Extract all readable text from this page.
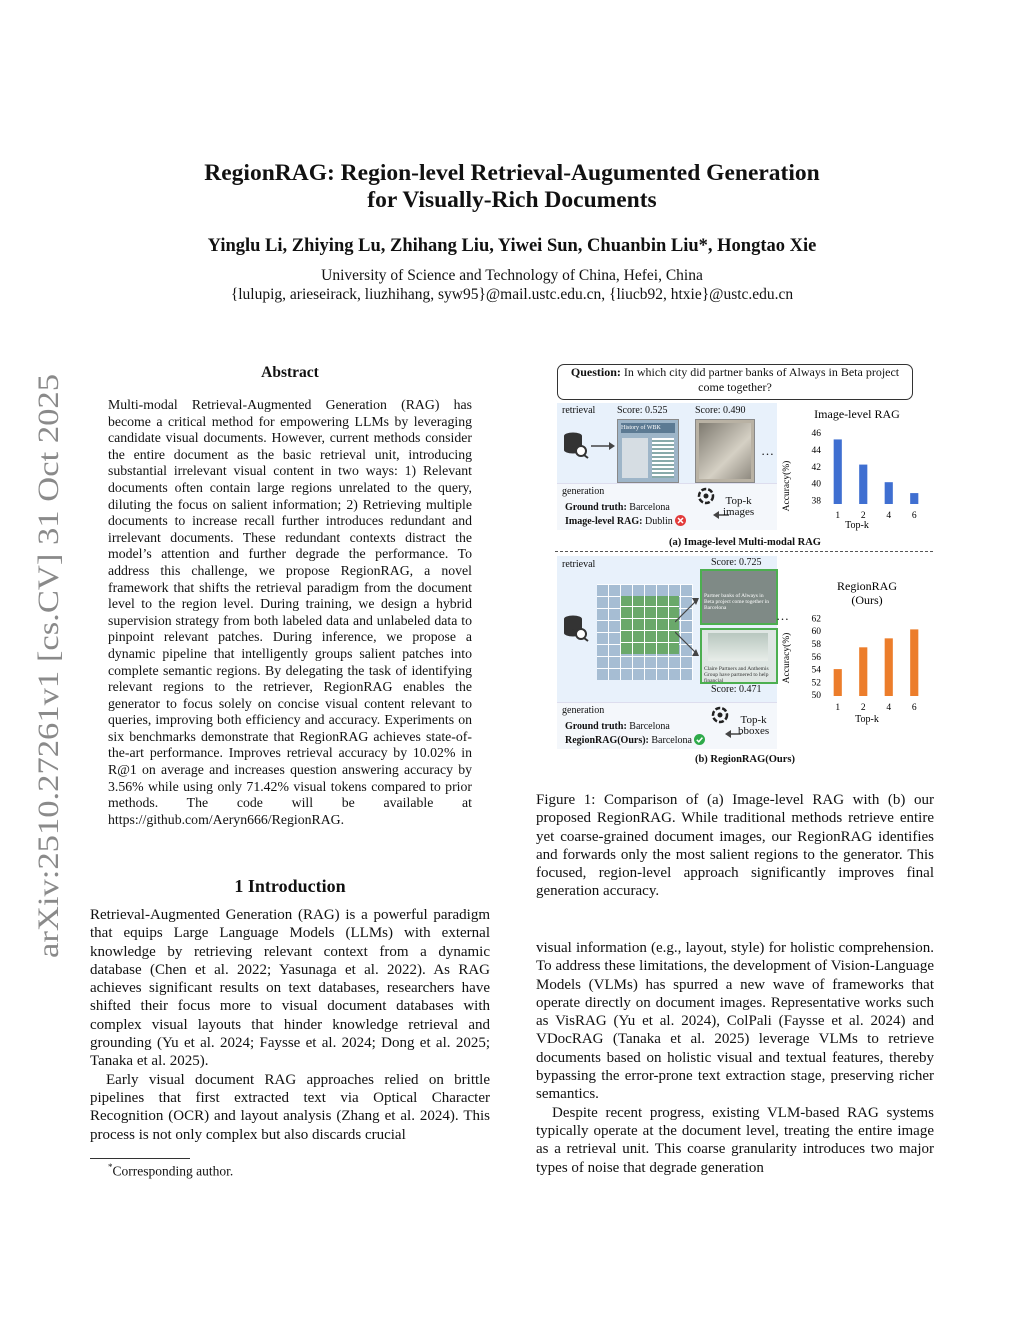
arXiv:2510.27261v1 [cs.CV] 31 Oct 2025
RegionRAG: Region-level Retrieval-Augumented Generation
for Visually-Rich Documents
Yinglu Li, Zhiying Lu, Zhihang Liu, Yiwei Sun, Chuanbin Liu*, Hongtao Xie
University of Science and Technology of China, Hefei, China
{lulupig, arieseirack, liuzhihang, syw95}@mail.ustc.edu.cn, {liucb92, htxie}@ustc.edu.cn
Abstract
Multi-modal Retrieval-Augmented Generation (RAG) has become a critical method for empowering LLMs by leveraging candidate visual documents. However, current methods consider the entire document as the basic retrieval unit, introducing substantial irrelevant visual content in two ways: 1) Relevant documents often contain large regions unrelated to the query, diluting the focus on salient information; 2) Retrieving multiple documents to increase recall further introduces redundant and irrelevant documents. These redundant contexts distract the model’s attention and further degrade the performance. To address this challenge, we propose RegionRAG, a novel framework that shifts the retrieval paradigm from the document level to the region level. During training, we design a hybrid supervision strategy from both labeled data and unlabeled data to pinpoint relevant patches. During inference, we propose a dynamic pipeline that intelligently groups salient patches into complete semantic regions. By delegating the task of identifying relevant regions to the retriever, RegionRAG enables the generator to focus solely on concise visual content relevant to queries, improving both efficiency and accuracy. Experiments on six benchmarks demonstrate that RegionRAG achieves state-of-the-art performance. Improves retrieval accuracy by 10.02% in R@1 on average and increases question answering accuracy by 3.56% while using only 71.42% visual tokens compared to prior methods. The code will be available at https://github.com/Aeryn666/RegionRAG.
1 Introduction

Retrieval-Augmented Generation (RAG) is a powerful paradigm that equips Large Language Models (LLMs) with external knowledge by retrieving relevant context from a dynamic database (Chen et al. 2022; Yasunaga et al. 2022). As RAG achieves significant results on text databases, researchers have shifted their focus more to visual document databases with complex visual layouts that hinder knowledge retrieval and grounding (Yu et al. 2024; Faysse et al. 2024; Dong et al. 2025; Tanaka et al. 2025).

Early visual document RAG approaches relied on brittle pipelines that first extracted text via Optical Character Recognition (OCR) and layout analysis (Zhang et al. 2024). This process is not only complex but also discards crucial

*Corresponding author.
Question: In which city did partner banks of Always in Beta project come together?
retrieval Score: 0.525	Score: 0.490
History of WBK
…
generation
Ground truth: Barcelona
Image-level RAG: Dublin
Top-k
images
Image-level RAG
Accuracy(%) 38
40
42
44
46
1 2 4 6
Top-k
(a) Image-level Multi-modal RAG
retrieval	Score: 0.725
Partner banks of Always in Beta project come together in Barcelona	…
Claire Partners and Anthemis Group have partnered to help financial
Score: 0.471
generation
Ground truth: Barcelona
RegionRAG(Ours): Barcelona
Top-k
bboxes
RegionRAG
(Ours)
Accuracy(%)
50
52
54
56
58
60
62
1 2 4 6
Top-k
(b) RegionRAG(Ours)
Figure 1: Comparison of (a) Image-level RAG with (b) our proposed RegionRAG. While traditional methods retrieve entire yet coarse-grained document images, our RegionRAG identifies and forwards only the most salient regions to the generator. This focused, region-level approach significantly improves final generation accuracy.

visual information (e.g., layout, style) for holistic comprehension. To address these limitations, the development of Vision-Language Models (VLMs) has spurred a new wave of frameworks that operate directly on document images. Representative works such as VisRAG (Yu et al. 2024), ColPali (Faysse et al. 2024) and VDocRAG (Tanaka et al. 2025) leverage VLMs to retrieve documents based on holistic visual and textual features, thereby bypassing the error-prone text extraction stage, preserving richer semantics.

Despite recent progress, existing VLM-based RAG systems typically operate at the document level, treating the entire image as a retrieval unit. This coarse granularity introduces two major types of noise that degrade generation
